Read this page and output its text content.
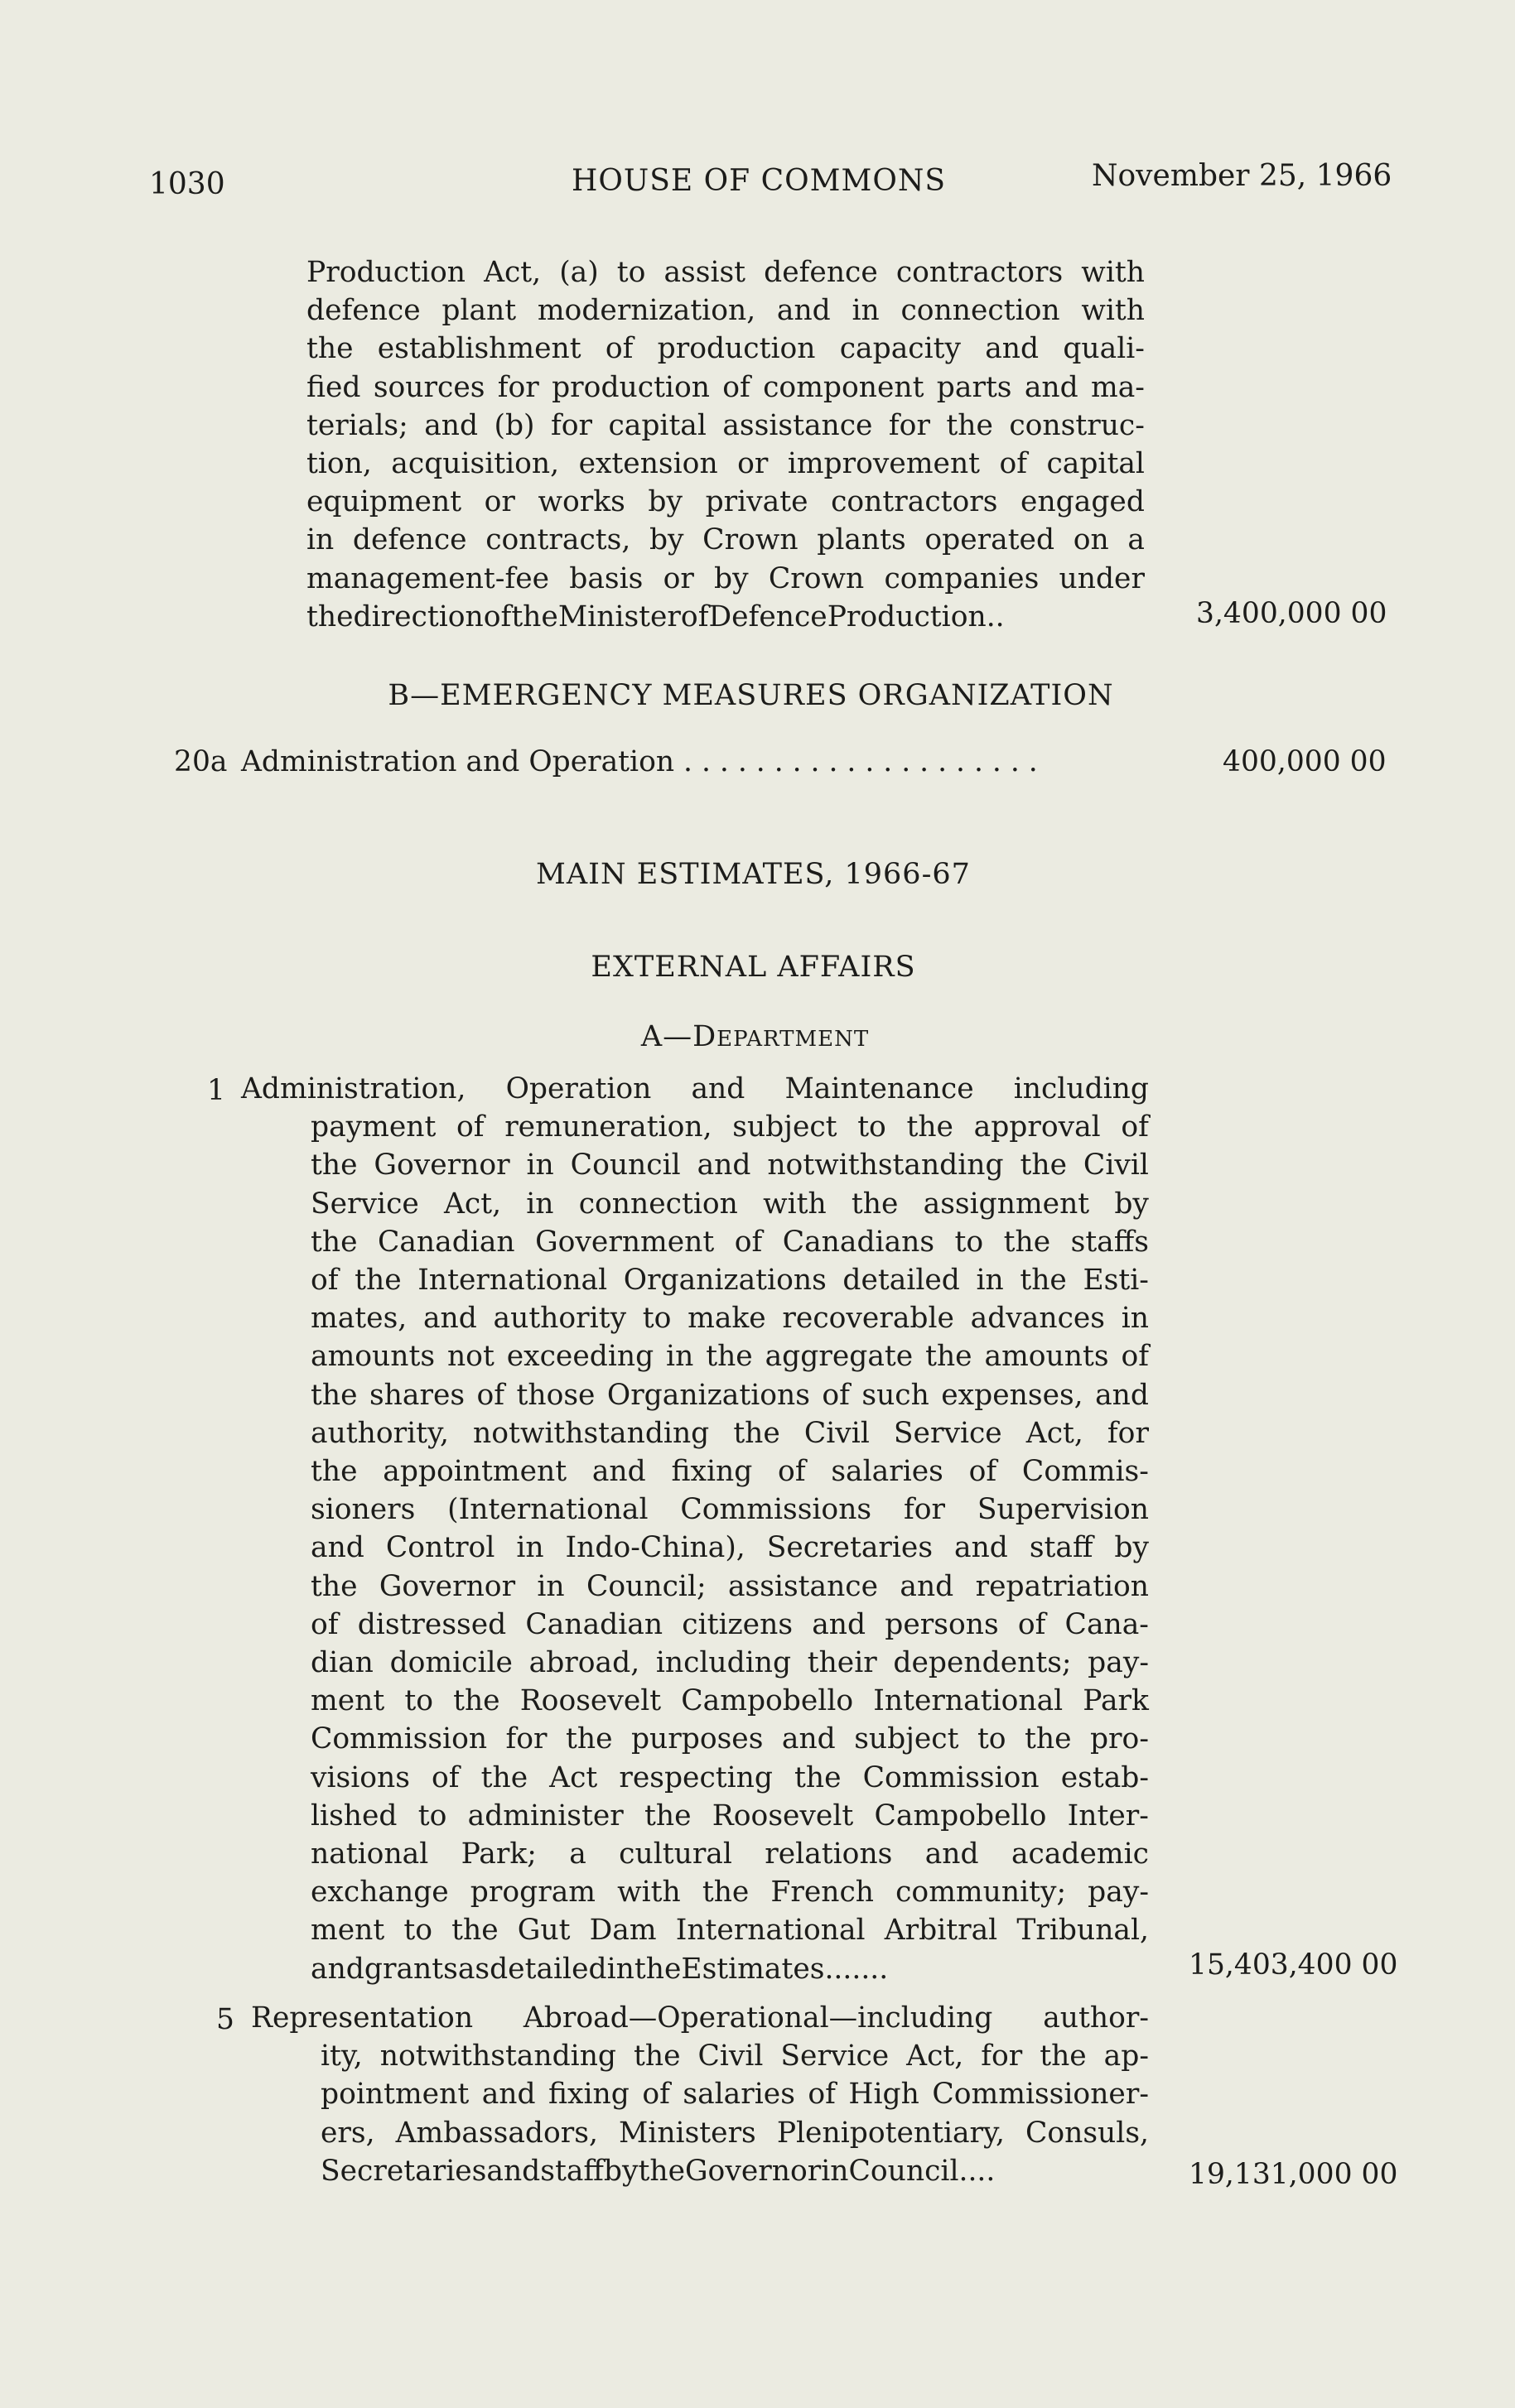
1030	HOUSE OF COMMONS	November 25, 1966
Production Act, (a) to assist defence contractors with
defence plant modernization, and in connection with
the establishment of production capacity and quali-
fied sources for production of component parts and ma-
terials; and (b) for capital assistance for the construc-
tion, acquisition, extension or improvement of capital
equipment or works by private contractors engaged
in defence contracts, by Crown plants operated on a
management-fee basis or by Crown companies under
the direction of the Minister of Defence Production . .	3,400,000 00
B—EMERGENCY MEASURES ORGANIZATION
20a Administration and Operation . . . . . . . . . . . . . . . . . . . .	400,000 00
MAIN ESTIMATES, 1966-67
EXTERNAL AFFAIRS
A—DEPARTMENT
1 Administration, Operation and Maintenance including
payment of remuneration, subject to the approval of
the Governor in Council and notwithstanding the Civil
Service Act, in connection with the assignment by
the Canadian Government of Canadians to the staffs
of the International Organizations detailed in the Esti-
mates, and authority to make recoverable advances in
amounts not exceeding in the aggregate the amounts of
the shares of those Organizations of such expenses, and
authority, notwithstanding the Civil Service Act, for
the appointment and fixing of salaries of Commis-
sioners (International Commissions for Supervision
and Control in Indo-China), Secretaries and staff by
the Governor in Council; assistance and repatriation
of distressed Canadian citizens and persons of Cana-
dian domicile abroad, including their dependents; pay-
ment to the Roosevelt Campobello International Park
Commission for the purposes and subject to the pro-
visions of the Act respecting the Commission estab-
lished to administer the Roosevelt Campobello Inter-
national Park; a cultural relations and academic
exchange program with the French community; pay-
ment to the Gut Dam International Arbitral Tribunal,
and grants as detailed in the Estimates . . . . . . .	15,403,400 00
5 Representation Abroad—Operational—including author-
ity, notwithstanding the Civil Service Act, for the ap-
pointment and fixing of salaries of High Commissioner-
ers, Ambassadors, Ministers Plenipotentiary, Consuls,
Secretaries and staff by the Governor in Council . . . .	19,131,000 00
